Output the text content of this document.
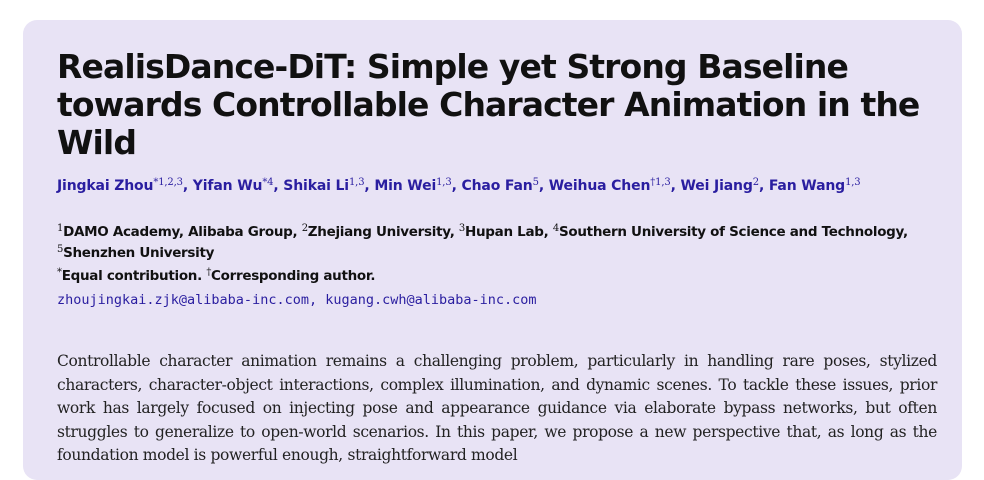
RealisDance-DiT: Simple yet Strong Baseline
towards Controllable Character Animation in the
Wild
Jingkai Zhou$^{*1,2,3}$, Yifan Wu$^{*4}$, Shikai Li$^{1,3}$, Min Wei$^{1,3}$, Chao Fan$^5$, Weihua Chen$^{\dagger 1,3}$, Wei Jiang$^2$, Fan Wang$^{1,3}$
$^1$DAMO Academy, Alibaba Group, $^2$Zhejiang University, $^3$Hupan Lab, $^4$Southern University of Science and Technology, $^5$Shenzhen University
*Equal contribution. †Corresponding author.
zhoujingkai.zjk@alibaba-inc.com, kugang.cwh@alibaba-inc.com

Controllable character animation remains a challenging problem, particularly in handling rare poses, stylized characters, character-object interactions, complex illumination, and dynamic scenes. To tackle these issues, prior work has largely focused on injecting pose and appearance guidance via elaborate bypass networks, but often struggles to generalize to open-world scenarios. In this paper, we propose a new perspective that, as long as the foundation model is powerful enough, straightforward model
